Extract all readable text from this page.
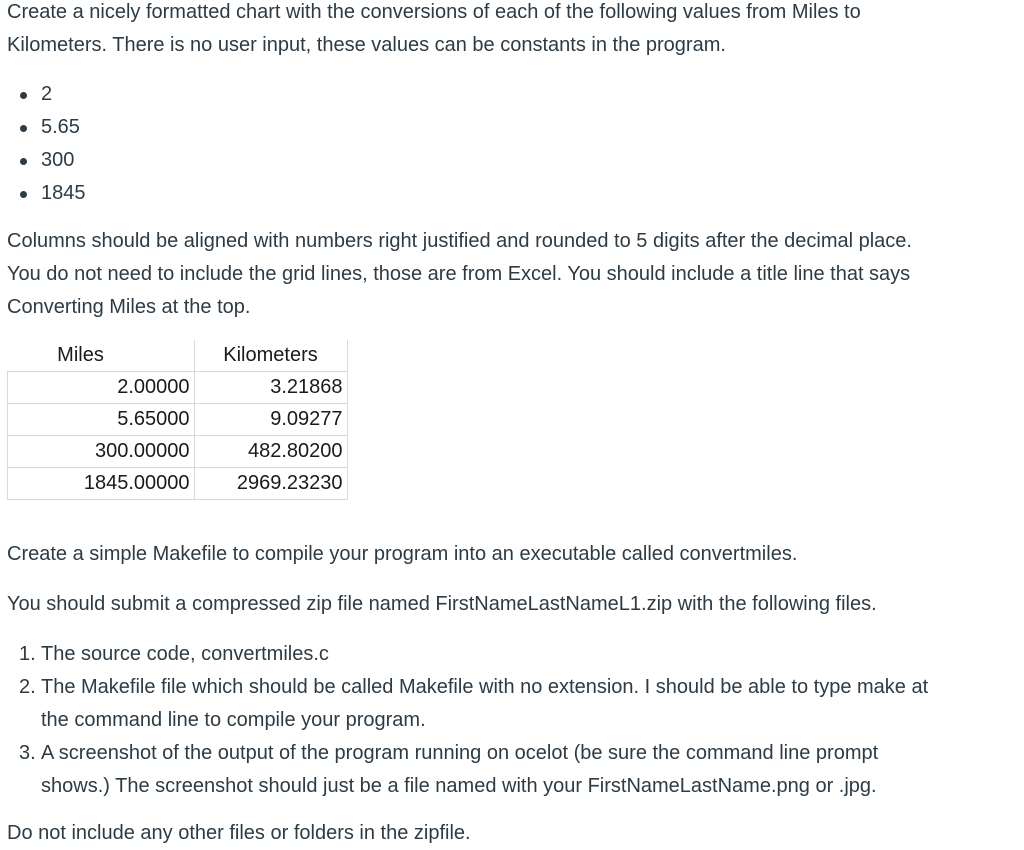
Create a nicely formatted chart with the conversions of each of the following values from Miles to

Kilometers. There is no user input, these values can be constants in the program.

2
5.65
300
1845

Columns should be aligned with numbers right justified and rounded to 5 digits after the decimal place.

You do not need to include the grid lines, those are from Excel. You should include a title line that says

Converting Miles at the top.

Miles	Kilometers
2.00000	3.21868
5.65000	9.09277
300.00000	482.80200
1845.00000	2969.23230

Create a simple Makefile to compile your program into an executable called convertmiles.

You should submit a compressed zip file named FirstNameLastNameL1.zip with the following files.

1. The source code, convertmiles.c
2. The Makefile file which should be called Makefile with no extension. I should be able to type make at
the command line to compile your program.
3. A screenshot of the output of the program running on ocelot (be sure the command line prompt
shows.) The screenshot should just be a file named with your FirstNameLastName.png or .jpg.

Do not include any other files or folders in the zipfile.
